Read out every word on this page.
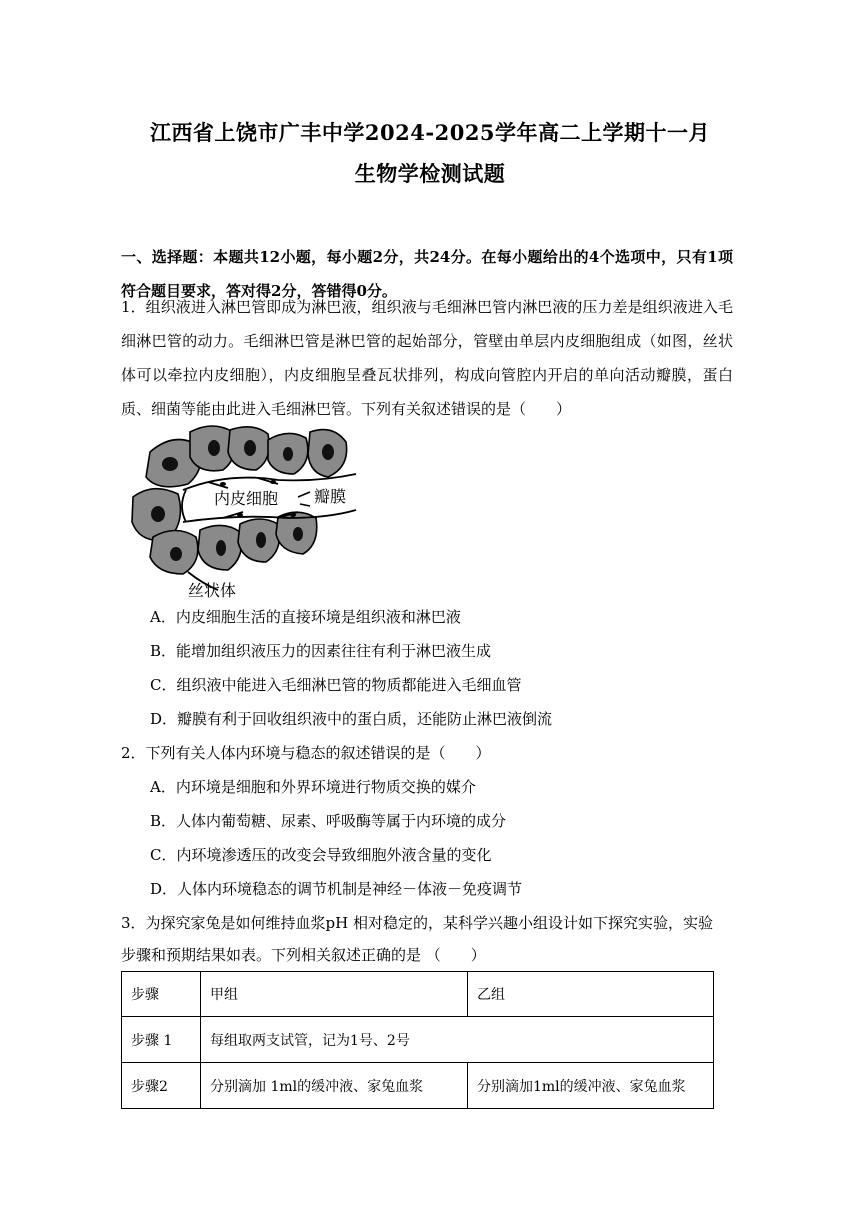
江西省上饶市广丰中学2024-2025学年高二上学期十一月
生物学检测试题
一、选择题：本题共12小题，每小题2分，共24分。在每小题给出的4个选项中，只有1项符合题目要求，答对得2分，答错得0分。
1．组织液进入淋巴管即成为淋巴液，组织液与毛细淋巴管内淋巴液的压力差是组织液进入毛细淋巴管的动力。毛细淋巴管是淋巴管的起始部分，管壁由单层内皮细胞组成（如图，丝状体可以牵拉内皮细胞），内皮细胞呈叠瓦状排列，构成向管腔内开启的单向活动瓣膜，蛋白质、细菌等能由此进入毛细淋巴管。下列有关叙述错误的是（　　）
内皮细胞 瓣膜
丝状体
A．内皮细胞生活的直接环境是组织液和淋巴液
B．能增加组织液压力的因素往往有利于淋巴液生成
C．组织液中能进入毛细淋巴管的物质都能进入毛细血管
D．瓣膜有利于回收组织液中的蛋白质，还能防止淋巴液倒流
2．下列有关人体内环境与稳态的叙述错误的是（　　）
A．内环境是细胞和外界环境进行物质交换的媒介
B．人体内葡萄糖、尿素、呼吸酶等属于内环境的成分
C．内环境渗透压的改变会导致细胞外液含量的变化
D．人体内环境稳态的调节机制是神经－体液－免疫调节
3．为探究家兔是如何维持血浆pH 相对稳定的，某科学兴趣小组设计如下探究实验，实验
步骤和预期结果如表。下列相关叙述正确的是 （　　）
步骤	甲组	乙组
步骤 1	每组取两支试管，记为1号、2号	
步骤2	分别滴加 1ml的缓冲液、家兔血浆	分别滴加1ml的缓冲液、家兔血浆
